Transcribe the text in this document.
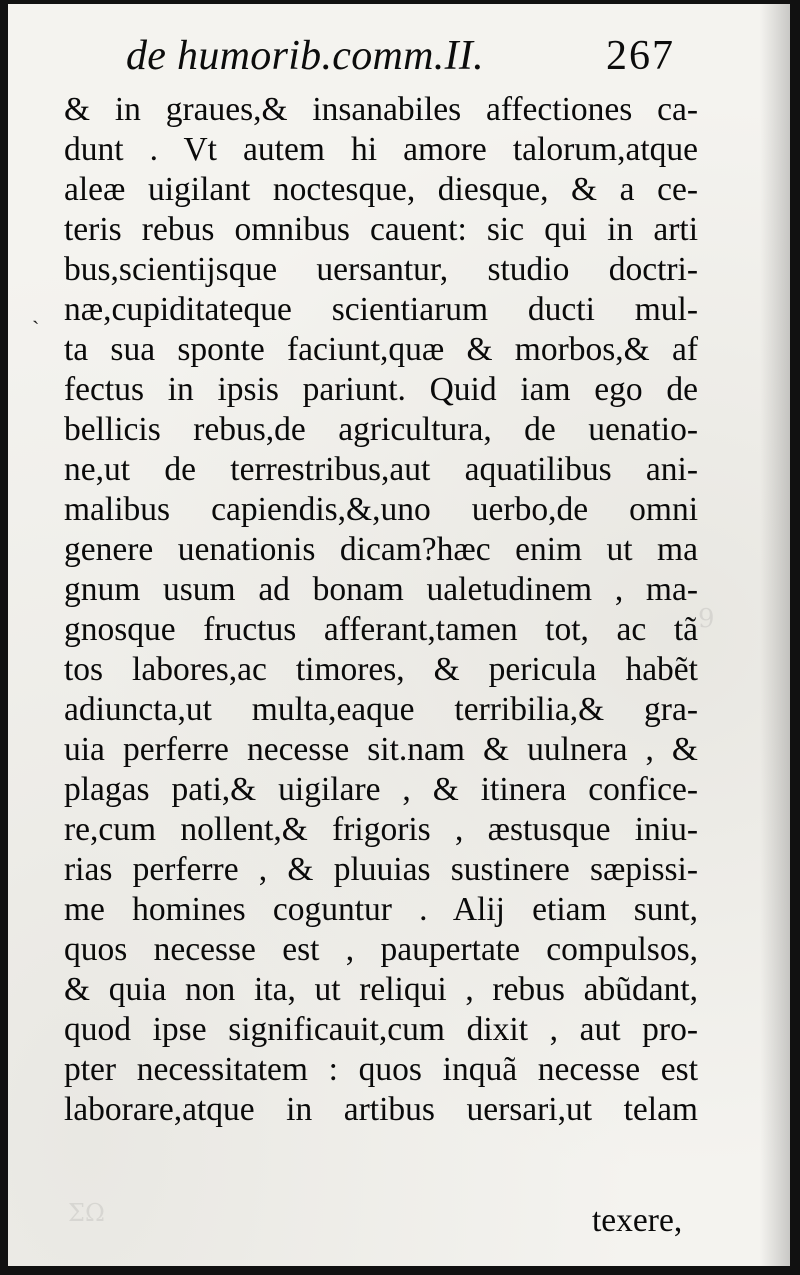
9
ΣΩ
de humorib.comm.II.	267
ˋ
& in graues,& insanabiles affectiones ca-
dunt . Vt autem hi amore talorum,atque
aleæ uigilant noctesque, diesque, & a ce-
teris rebus omnibus cauent: sic qui in arti
bus,scientijsque uersantur, studio doctri-
næ,cupiditateque scientiarum ducti mul-
ta sua sponte faciunt,quæ & morbos,& af
fectus in ipsis pariunt. Quid iam ego de
bellicis rebus,de agricultura, de uenatio-
ne,ut de terrestribus,aut aquatilibus ani-
malibus capiendis,&,uno uerbo,de omni
genere uenationis dicam?hæc enim ut ma
gnum usum ad bonam ualetudinem , ma-
gnosque fructus afferant,tamen tot, ac tã
tos labores,ac timores, & pericula habẽt
adiuncta,ut multa,eaque terribilia,& gra-
uia perferre necesse sit.nam & uulnera , &
plagas pati,& uigilare , & itinera confice-
re,cum nollent,& frigoris , æstusque iniu-
rias perferre , & pluuias sustinere sæpissi-
me homines coguntur . Alij etiam sunt,
quos necesse est , paupertate compulsos,
& quia non ita, ut reliqui , rebus abũdant,
quod ipse significauit,cum dixit , aut pro-
pter necessitatem : quos inquã necesse est
laborare,atque in artibus uersari,ut telam
texere,
